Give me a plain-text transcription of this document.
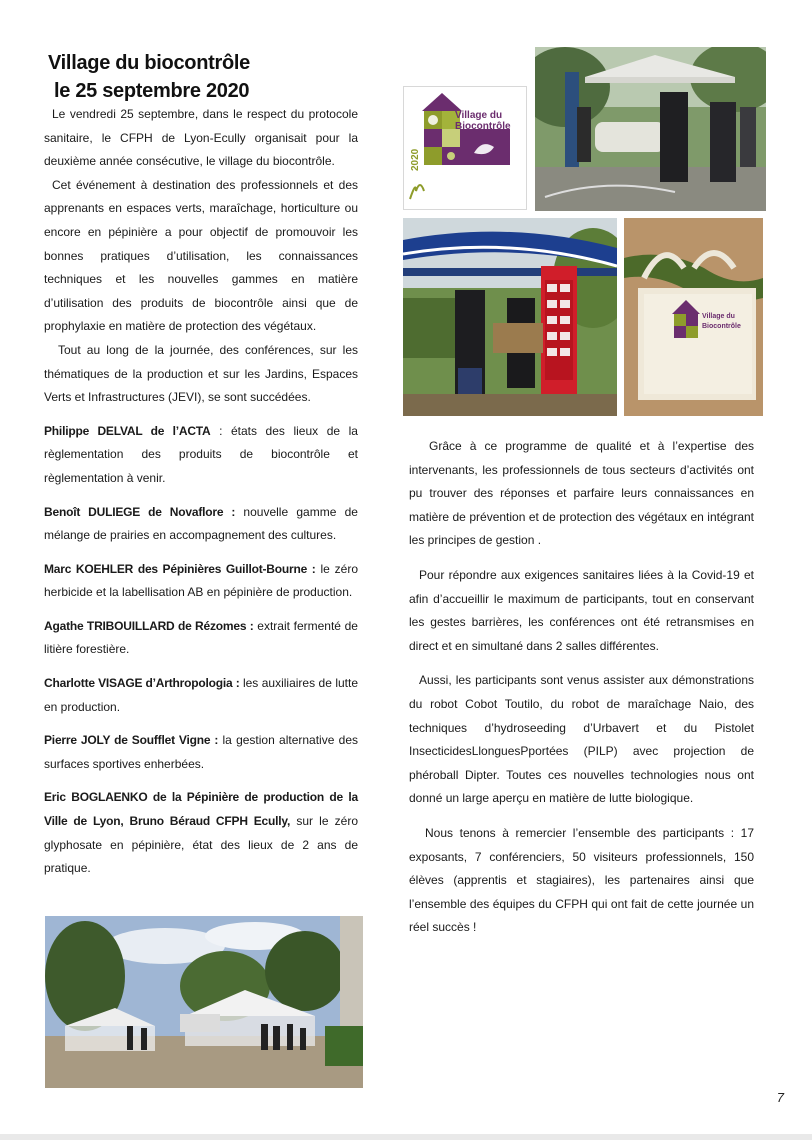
Village du biocontrôle
le 25 septembre 2020

Le vendredi 25 septembre, dans le respect du protocole sanitaire, le CFPH de Lyon-Ecully organisait pour la deuxième année consécutive, le village du biocontrôle.

Cet événement à destination des professionnels et des apprenants en espaces verts, maraîchage, horticulture ou encore en pépinière a pour objectif de promouvoir les bonnes pratiques d’utilisation, les connaissances techniques et les nouvelles gammes en matière d’utilisation des produits de biocontrôle ainsi que de prophylaxie en matière de protection des végétaux.

Tout au long de la journée, des conférences, sur les thématiques de la production et sur les Jardins, Espaces Verts et Infrastructures (JEVI), se sont succédées.

Philippe DELVAL de l’ACTA : états des lieux de la règlementation des produits de biocontrôle et règlementation à venir.

Benoît DULIEGE de Novaflore : nouvelle gamme de mélange de prairies en accompagnement des cultures.

Marc KOEHLER des Pépinières Guillot-Bourne : le zéro herbicide et la labellisation AB en pépinière de production.

Agathe TRIBOUILLARD de Rézomes : extrait fermenté de litière forestière.

Charlotte VISAGE d’Arthropologia : les auxiliaires de lutte en production.

Pierre JOLY de Soufflet Vigne : la gestion alternative des surfaces sportives enherbées.

Eric BOGLAENKO de la Pépinière de production de la Ville de Lyon, Bruno Béraud CFPH Ecully, sur le zéro glyphosate en pépinière, état des lieux de 2 ans de pratique.

Village du
Biocontrôle
2020
Village du
Biocontrôle

Grâce à ce programme de qualité et à l’expertise des intervenants, les professionnels de tous secteurs d’activités ont pu trouver des réponses et parfaire leurs connaissances en matière de prévention et de protection des végétaux en intégrant les principes de gestion .

Pour répondre aux exigences sanitaires liées à la Covid-19 et afin d’accueillir le maximum de participants, tout en conservant les gestes barrières, les conférences ont été retransmises en direct et en simultané dans 2 salles différentes.

Aussi, les participants sont venus assister aux démonstrations du robot Cobot Toutilo, du robot de maraîchage Naio, des techniques d’hydroseeding d’Urbavert et du Pistolet InsecticidesLlonguesPportées (PILP) avec projection de phéroball Dipter. Toutes ces nouvelles technologies nous ont donné un large aperçu en matière de lutte biologique.

Nous tenons à remercier l’ensemble des participants : 17 exposants, 7 conférenciers, 50 visiteurs professionnels, 150 élèves (apprentis et stagiaires), les partenaires ainsi que l’ensemble des équipes du CFPH qui ont fait de cette journée un réel succès !

7
